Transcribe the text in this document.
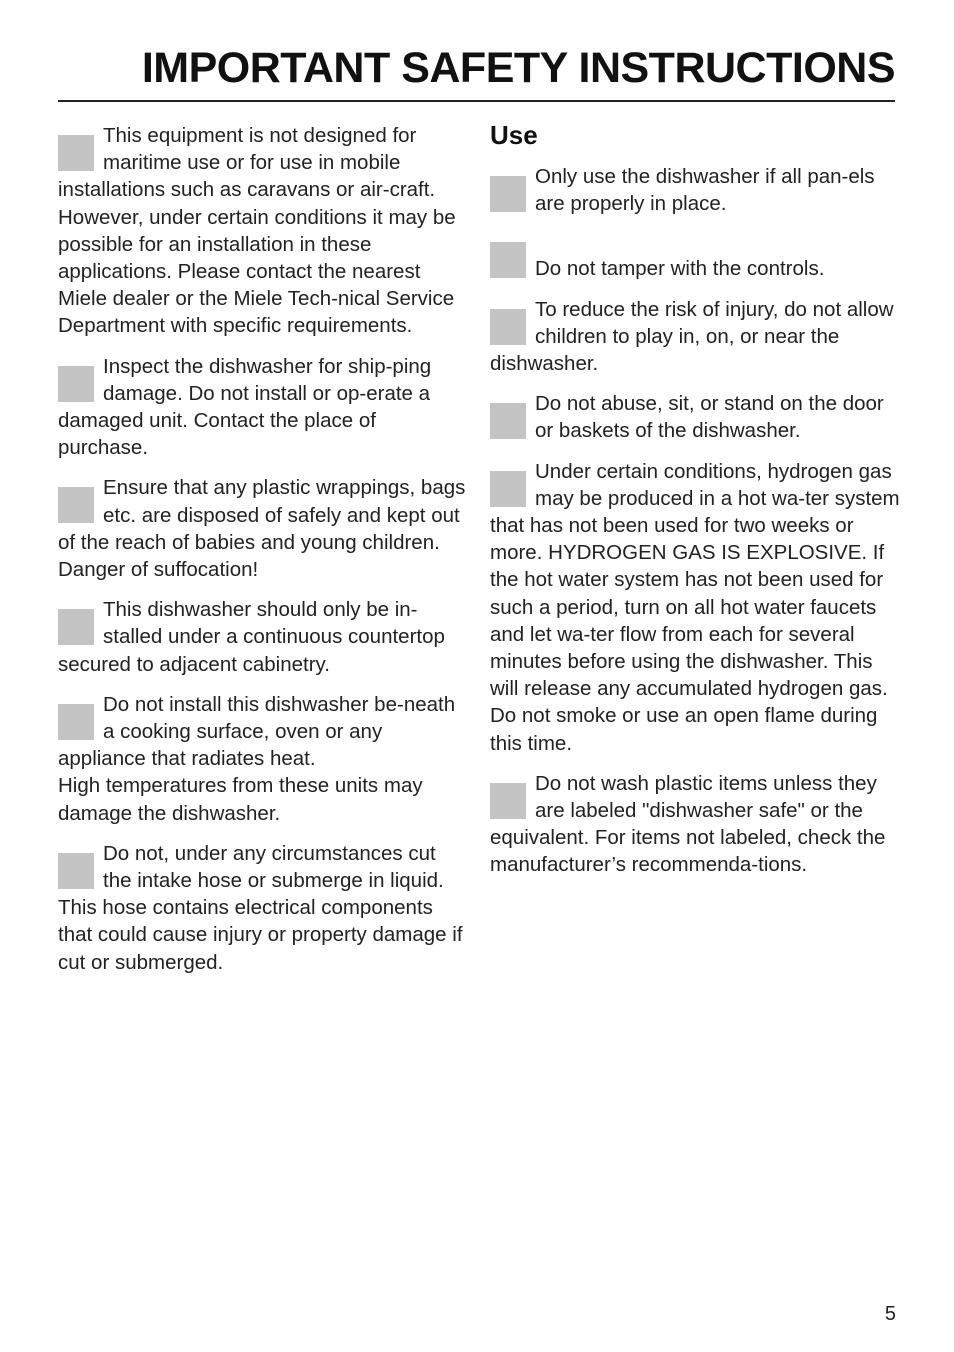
IMPORTANT SAFETY INSTRUCTIONS
This equipment is not designed for maritime use or for use in mobile installations such as caravans or air-craft. However, under certain conditions it may be possible for an installation in these applications. Please contact the nearest Miele dealer or the Miele Tech-nical Service Department with specific requirements.
Inspect the dishwasher for ship-ping damage. Do not install or op-erate a damaged unit. Contact the place of purchase.
Ensure that any plastic wrappings, bags etc. are disposed of safely and kept out of the reach of babies and young children. Danger of suffocation!
This dishwasher should only be in-stalled under a continuous countertop secured to adjacent cabinetry.
Do not install this dishwasher be-neath a cooking surface, oven or any appliance that radiates heat.
High temperatures from these units may damage the dishwasher.
Do not, under any circumstances cut the intake hose or submerge in liquid. This hose contains electrical components that could cause injury or property damage if cut or submerged.
Use
Only use the dishwasher if all pan-els are properly in place.
Do not tamper with the controls.
To reduce the risk of injury, do not allow children to play in, on, or near the dishwasher.
Do not abuse, sit, or stand on the door or baskets of the dishwasher.
Under certain conditions, hydrogen gas may be produced in a hot wa-ter system that has not been used for two weeks or more. HYDROGEN GAS IS EXPLOSIVE. If the hot water system has not been used for such a period, turn on all hot water faucets and let wa-ter flow from each for several minutes before using the dishwasher. This will release any accumulated hydrogen gas. Do not smoke or use an open flame during this time.
Do not wash plastic items unless they are labeled "dishwasher safe" or the equivalent. For items not labeled, check the manufacturer’s recommenda-tions.
5
